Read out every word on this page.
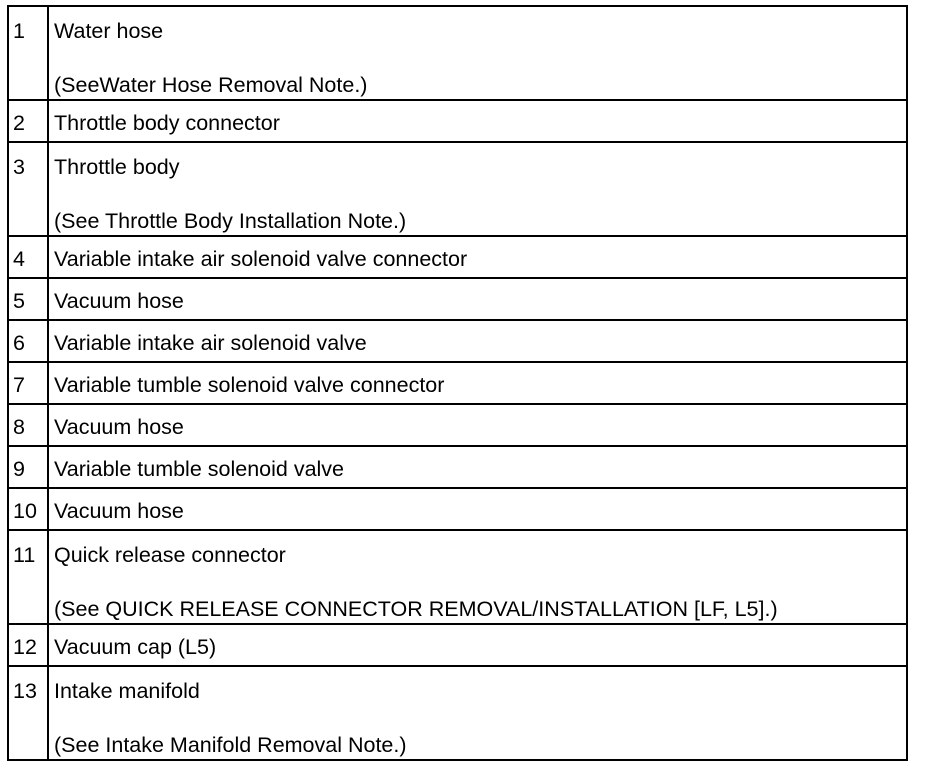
1	Water hose
(SeeWater Hose Removal Note.)

2	Throttle body connector

3	Throttle body
(See Throttle Body Installation Note.)

4	Variable intake air solenoid valve connector

5	Vacuum hose

6	Variable intake air solenoid valve

7	Variable tumble solenoid valve connector

8	Vacuum hose

9	Variable tumble solenoid valve

10	Vacuum hose

11	Quick release connector
(See QUICK RELEASE CONNECTOR REMOVAL/INSTALLATION [LF, L5].)

12	Vacuum cap (L5)

13	Intake manifold
(See Intake Manifold Removal Note.)
